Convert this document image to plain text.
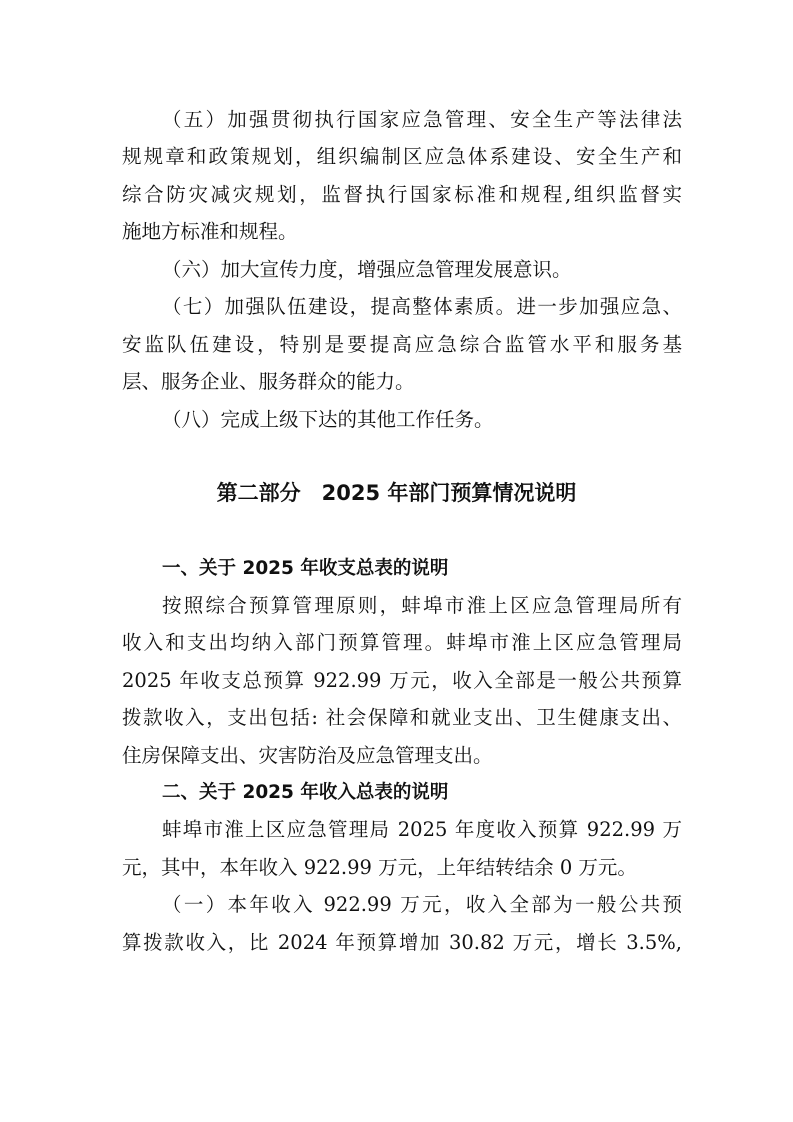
（五）加强贯彻执行国家应急管理、安全生产等法律法
规规章和政策规划，组织编制区应急体系建设、安全生产和
综合防灾减灾规划，监督执行国家标准和规程,组织监督实
施地方标准和规程。
（六）加大宣传力度，增强应急管理发展意识。
（七）加强队伍建设，提高整体素质。进一步加强应急、
安监队伍建设，特别是要提高应急综合监管水平和服务基
层、服务企业、服务群众的能力。
（八）完成上级下达的其他工作任务。
第二部分　2025 年部门预算情况说明
一、关于 2025 年收支总表的说明
按照综合预算管理原则，蚌埠市淮上区应急管理局所有
收入和支出均纳入部门预算管理。蚌埠市淮上区应急管理局
2025 年收支总预算 922.99 万元，收入全部是一般公共预算
拨款收入，支出包括: 社会保障和就业支出、卫生健康支出、
住房保障支出、灾害防治及应急管理支出。
二、关于 2025 年收入总表的说明
蚌埠市淮上区应急管理局 2025 年度收入预算 922.99 万
元，其中，本年收入 922.99 万元，上年结转结余 0 万元。
（一）本年收入 922.99 万元，收入全部为一般公共预
算拨款收入，比 2024 年预算增加 30.82 万元，增长 3.5%,
